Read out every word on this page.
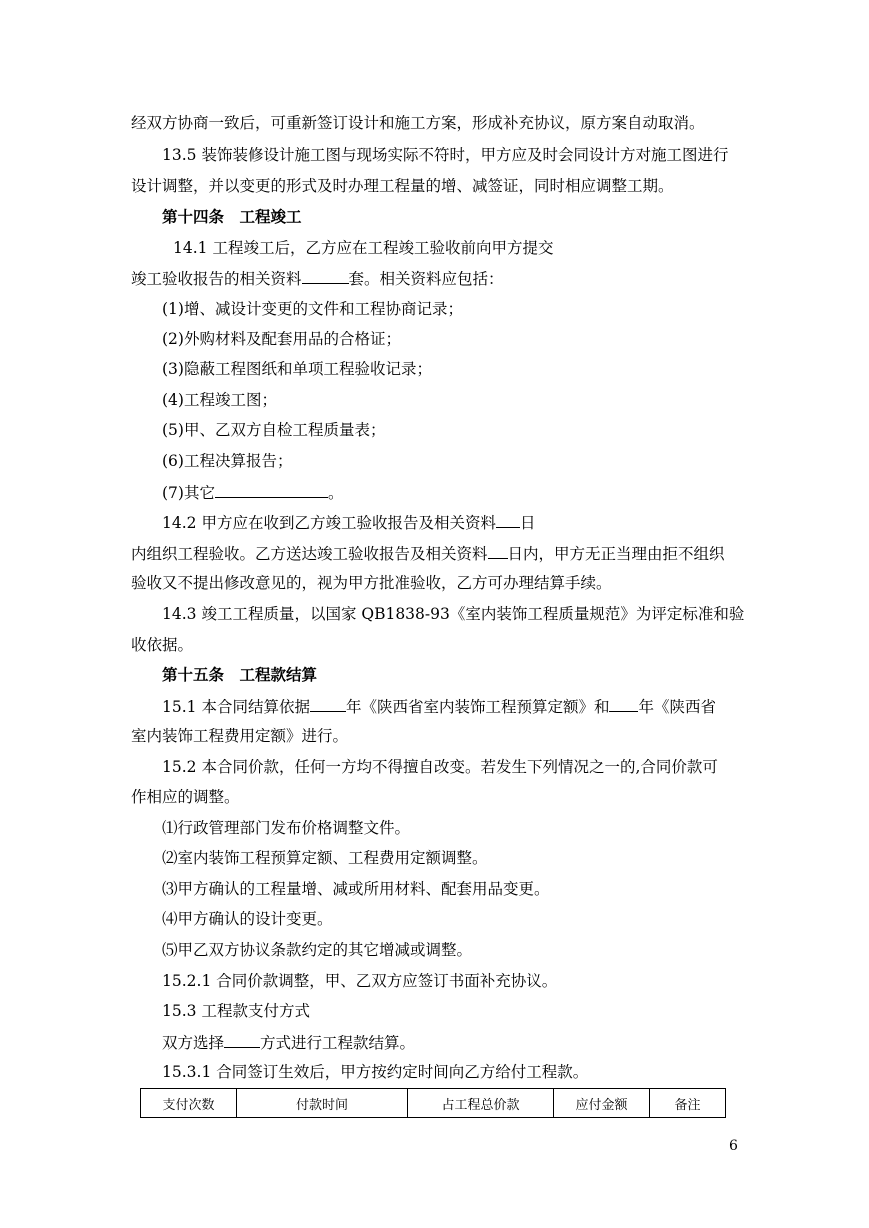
经双方协商一致后，可重新签订设计和施工方案，形成补充协议，原方案自动取消。
13.5 装饰装修设计施工图与现场实际不符时，甲方应及时会同设计方对施工图进行
设计调整，并以变更的形式及时办理工程量的增、减签证，同时相应调整工期。
第十四条　工程竣工
14.1 工程竣工后，乙方应在工程竣工验收前向甲方提交
竣工验收报告的相关资料	套。相关资料应包括：
(1)增、减设计变更的文件和工程协商记录；
(2)外购材料及配套用品的合格证；
(3)隐蔽工程图纸和单项工程验收记录；
(4)工程竣工图；
(5)甲、乙双方自检工程质量表；
(6)工程决算报告；
(7)其它	。
14.2 甲方应在收到乙方竣工验收报告及相关资料 日
内组织工程验收。乙方送达竣工验收报告及相关资料 日内，甲方无正当理由拒不组织
验收又不提出修改意见的，视为甲方批准验收，乙方可办理结算手续。
14.3 竣工工程质量，以国家 QB1838-93《室内装饰工程质量规范》为评定标准和验
收依据。
第十五条　工程款结算
15.1 本合同结算依据 年《陕西省室内装饰工程预算定额》和 年《陕西省
室内装饰工程费用定额》进行。
15.2 本合同价款，任何一方均不得擅自改变。若发生下列情况之一的,合同价款可
作相应的调整。
⑴行政管理部门发布价格调整文件。
⑵室内装饰工程预算定额、工程费用定额调整。
⑶甲方确认的工程量增、减或所用材料、配套用品变更。
⑷甲方确认的设计变更。
⑸甲乙双方协议条款约定的其它增减或调整。
15.2.1 合同价款调整，甲、乙双方应签订书面补充协议。
15.3 工程款支付方式
双方选择 方式进行工程款结算。
15.3.1 合同签订生效后，甲方按约定时间向乙方给付工程款。
支付次数	付款时间	占工程总价款	应付金额	备注
6
